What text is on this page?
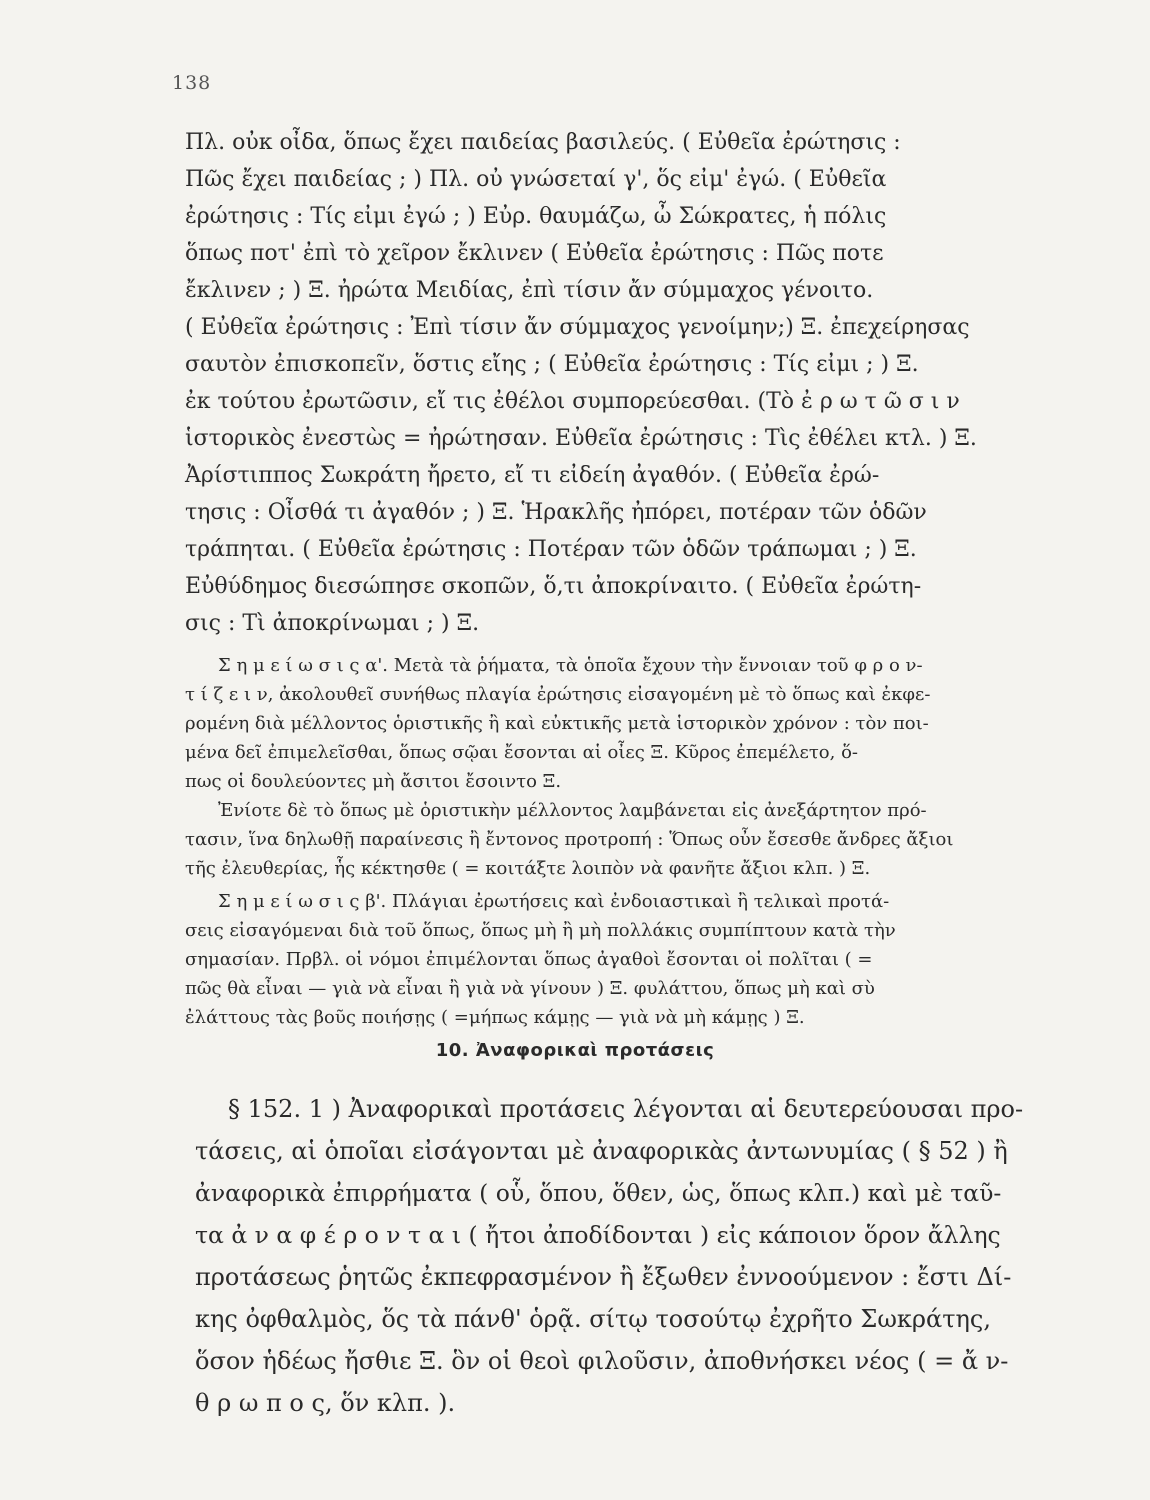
138
Πλ. οὐκ οἶδα, ὅπως ἔχει παιδείας βασιλεύς. ( Εὐθεῖα ἐρώτησις :
Πῶς ἔχει παιδείας ; ) Πλ. οὐ γνώσεταί γ', ὅς εἰμ' ἐγώ. ( Εὐθεῖα
ἐρώτησις : Τίς εἰμι ἐγώ ; ) Εὐρ. θαυμάζω, ὦ Σώκρατες, ἡ πόλις
ὅπως ποτ' ἐπὶ τὸ χεῖρον ἔκλινεν ( Εὐθεῖα ἐρώτησις : Πῶς ποτε
ἔκλινεν ; ) Ξ. ἠρώτα Μειδίας, ἐπὶ τίσιν ἄν σύμμαχος γένοιτο.
( Εὐθεῖα ἐρώτησις : Ἐπὶ τίσιν ἄν σύμμαχος γενοίμην;) Ξ. ἐπεχείρησας
σαυτὸν ἐπισκοπεῖν, ὅστις εἴης ; ( Εὐθεῖα ἐρώτησις : Τίς εἰμι ; ) Ξ.
ἐκ τούτου ἐρωτῶσιν, εἴ τις ἐθέλοι συμπορεύεσθαι. (Τὸ ἐ ρ ω τ ῶ σ ι ν
ἱστορικὸς ἐνεστὼς = ἠρώτησαν. Εὐθεῖα ἐρώτησις : Τὶς ἐθέλει κτλ. ) Ξ.
Ἀρίστιππος Σωκράτη ἤρετο, εἴ τι εἰδείη ἀγαθόν. ( Εὐθεῖα ἐρώ-
τησις : Οἶσθά τι ἀγαθόν ; ) Ξ. Ἡρακλῆς ἠπόρει, ποτέραν τῶν ὁδῶν
τράπηται. ( Εὐθεῖα ἐρώτησις : Ποτέραν τῶν ὁδῶν τράπωμαι ; ) Ξ.
Εὐθύδημος διεσώπησε σκοπῶν, ὅ,τι ἀποκρίναιτο. ( Εὐθεῖα ἐρώτη-
σις : Τὶ ἀποκρίνωμαι ; ) Ξ.
Σ η μ ε ί ω σ ι ς α'. Μετὰ τὰ ῥήματα, τὰ ὁποῖα ἔχουν τὴν ἔννοιαν τοῦ φ ρ ο ν-
τ ί ζ ε ι ν, ἀκολουθεῖ συνήθως πλαγία ἐρώτησις εἰσαγομένη μὲ τὸ ὅπως καὶ ἐκφε-
ρομένη διὰ μέλλοντος ὁριστικῆς ἢ καὶ εὐκτικῆς μετὰ ἱστορικὸν χρόνον : τὸν ποι-
μένα δεῖ ἐπιμελεῖσθαι, ὅπως σῷαι ἔσονται αἱ οἶες Ξ. Κῦρος ἐπεμέλετο, ὅ-
πως οἱ δουλεύοντες μὴ ἄσιτοι ἔσοιντο Ξ.
Ἐνίοτε δὲ τὸ ὅπως μὲ ὁριστικὴν μέλλοντος λαμβάνεται εἰς ἀνεξάρτητον πρό-
τασιν, ἵνα δηλωθῇ παραίνεσις ἢ ἔντονος προτροπή : Ὅπως οὖν ἔσεσθε ἄνδρες ἄξιοι
τῆς ἐλευθερίας, ἧς κέκτησθε ( = κοιτάξτε λοιπὸν νὰ φανῆτε ἄξιοι κλπ. ) Ξ.
Σ η μ ε ί ω σ ι ς β'. Πλάγιαι ἐρωτήσεις καὶ ἐνδοιαστικαὶ ἢ τελικαὶ προτά-
σεις εἰσαγόμεναι διὰ τοῦ ὅπως, ὅπως μὴ ἢ μὴ πολλάκις συμπίπτουν κατὰ τὴν
σημασίαν. Πρβλ. οἱ νόμοι ἐπιμέλονται ὅπως ἀγαθοὶ ἔσονται οἱ πολῖται ( =
πῶς θὰ εἶναι — γιὰ νὰ εἶναι ἢ γιὰ νὰ γίνουν ) Ξ. φυλάττου, ὅπως μὴ καὶ σὺ
ἐλάττους τὰς βοῦς ποιήσῃς ( =μήπως κάμῃς — γιὰ νὰ μὴ κάμῃς ) Ξ.
10. Ἀναφορικαὶ προτάσεις
§ 152. 1 ) Ἀναφορικαὶ προτάσεις λέγονται αἱ δευτερεύουσαι προ-
τάσεις, αἱ ὁποῖαι εἰσάγονται μὲ ἀναφορικὰς ἀντωνυμίας ( § 52 ) ἢ
ἀναφορικὰ ἐπιρρήματα ( οὗ, ὅπου, ὅθεν, ὡς, ὅπως κλπ.) καὶ μὲ ταῦ-
τα ἀ ν α φ έ ρ ο ν τ α ι ( ἤτοι ἀποδίδονται ) εἰς κάποιον ὅρον ἄλλης
προτάσεως ῥητῶς ἐκπεφρασμένον ἢ ἔξωθεν ἐννοούμενον : ἔστι Δί-
κης ὀφθαλμὸς, ὅς τὰ πάνθ' ὁρᾷ. σίτῳ τοσούτῳ ἐχρῆτο Σωκράτης,
ὅσον ἡδέως ἤσθιε Ξ. ὃν οἱ θεοὶ φιλοῦσιν, ἀποθνήσκει νέος ( = ἄ ν-
θ ρ ω π ο ς, ὅν κλπ. ).
